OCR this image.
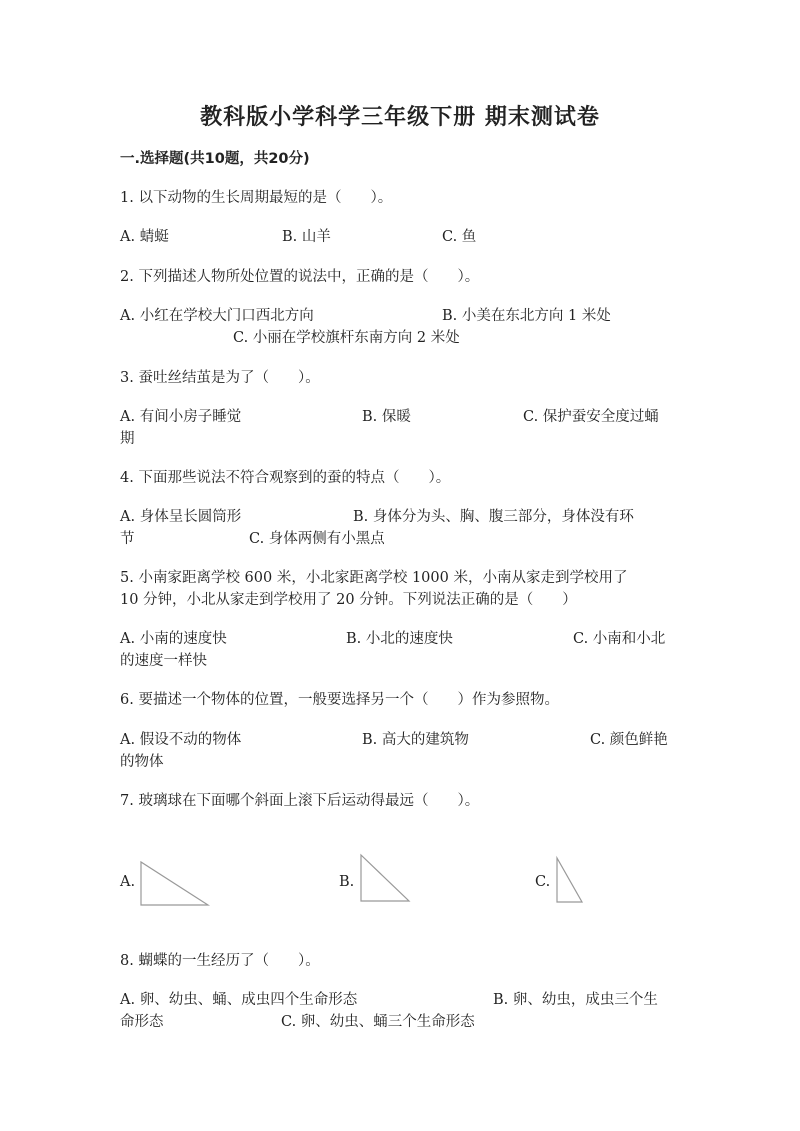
教科版小学科学三年级下册 期末测试卷
一.选择题(共10题，共20分)
1. 以下动物的生长周期最短的是（　　）。
A. 蜻蜓	B. 山羊	C. 鱼
2. 下列描述人物所处位置的说法中，正确的是（　　）。
A. 小红在学校大门口西北方向	B. 小美在东北方向 1 米处
C. 小丽在学校旗杆东南方向 2 米处
3. 蚕吐丝结茧是为了（　　）。
A. 有间小房子睡觉	B. 保暖	C. 保护蚕安全度过蛹
期
4. 下面那些说法不符合观察到的蚕的特点（　　）。
A. 身体呈长圆筒形	B. 身体分为头、胸、腹三部分，身体没有环
节	C. 身体两侧有小黑点
5. 小南家距离学校 600 米，小北家距离学校 1000 米，小南从家走到学校用了
10 分钟，小北从家走到学校用了 20 分钟。下列说法正确的是（　　）
A. 小南的速度快	B. 小北的速度快	C. 小南和小北
的速度一样快
6. 要描述一个物体的位置，一般要选择另一个（　　）作为参照物。
A. 假设不动的物体	B. 高大的建筑物	C. 颜色鲜艳
的物体
7. 玻璃球在下面哪个斜面上滚下后运动得最远（　　）。
A.	B.	C.
8. 蝴蝶的一生经历了（　　）。
A. 卵、幼虫、蛹、成虫四个生命形态	B. 卵、幼虫，成虫三个生
命形态	C. 卵、幼虫、蛹三个生命形态
